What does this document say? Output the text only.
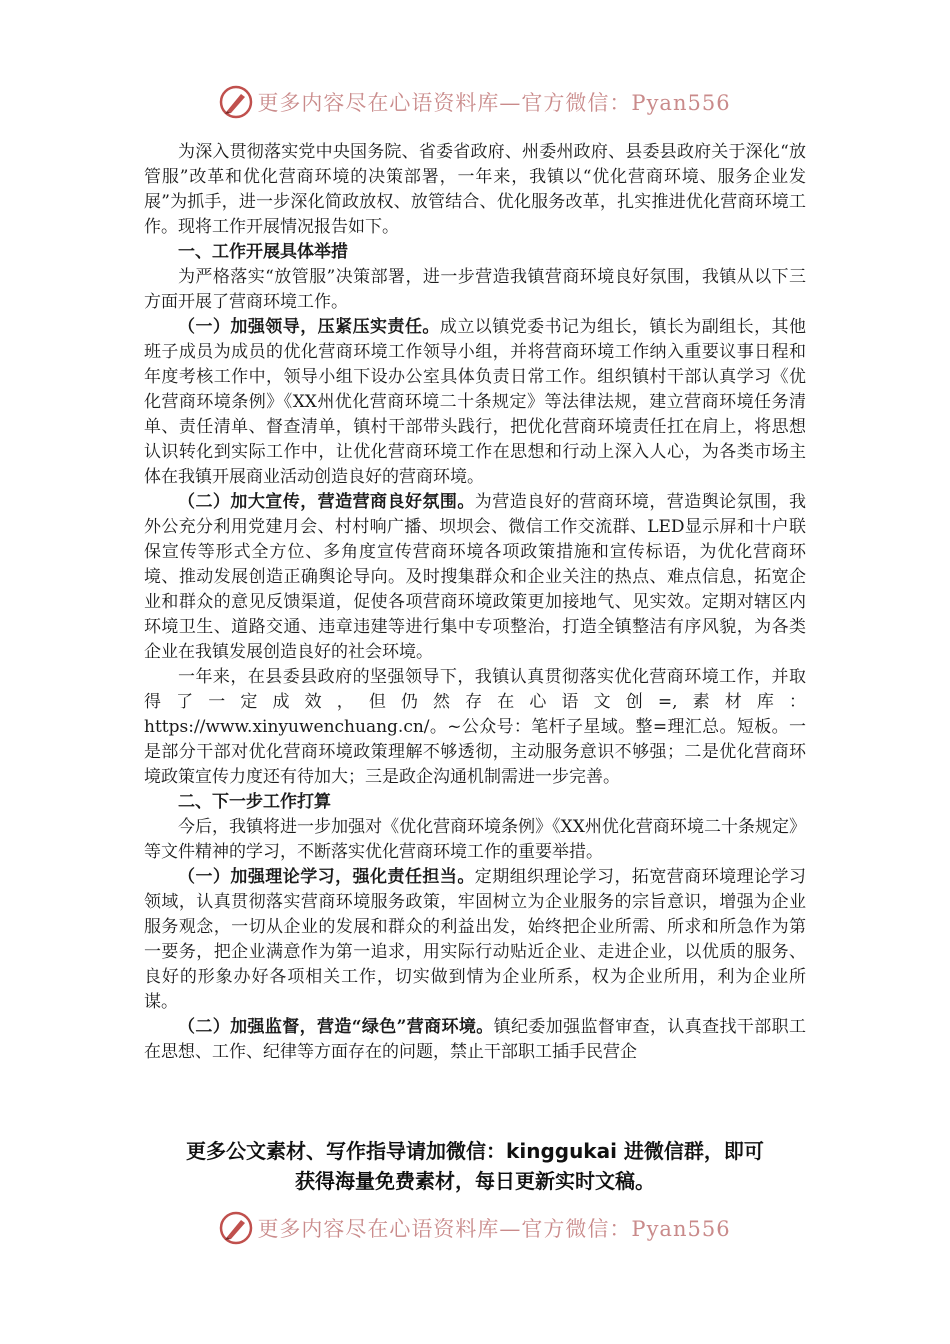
更多内容尽在心语资料库—官方微信：Pyan556

为深入贯彻落实党中央国务院、省委省政府、州委州政府、县委县政府关于深化“放管服”改革和优化营商环境的决策部署，一年来，我镇以“优化营商环境、服务企业发展”为抓手，进一步深化简政放权、放管结合、优化服务改革，扎实推进优化营商环境工作。现将工作开展情况报告如下。

一、工作开展具体举措

为严格落实“放管服”决策部署，进一步营造我镇营商环境良好氛围，我镇从以下三方面开展了营商环境工作。

（一）加强领导，压紧压实责任。成立以镇党委书记为组长，镇长为副组长，其他班子成员为成员的优化营商环境工作领导小组，并将营商环境工作纳入重要议事日程和年度考核工作中，领导小组下设办公室具体负责日常工作。组织镇村干部认真学习《优化营商环境条例》《XX州优化营商环境二十条规定》等法律法规，建立营商环境任务清单、责任清单、督查清单，镇村干部带头践行，把优化营商环境责任扛在肩上，将思想认识转化到实际工作中，让优化营商环境工作在思想和行动上深入人心，为各类市场主体在我镇开展商业活动创造良好的营商环境。

（二）加大宣传，营造营商良好氛围。为营造良好的营商环境，营造舆论氛围，我外公充分利用党建月会、村村响广播、坝坝会、微信工作交流群、LED显示屏和十户联保宣传等形式全方位、多角度宣传营商环境各项政策措施和宣传标语，为优化营商环境、推动发展创造正确舆论导向。及时搜集群众和企业关注的热点、难点信息，拓宽企业和群众的意见反馈渠道，促使各项营商环境政策更加接地气、见实效。定期对辖区内环境卫生、道路交通、违章违建等进行集中专项整治，打造全镇整洁有序风貌，为各类企业在我镇发展创造良好的社会环境。

一年来，在县委县政府的坚强领导下，我镇认真贯彻落实优化营商环境工作，并取得了一定成效，但仍然存在心语文创=,素材库：https://www.xinyuwenchuang.cn/。~公众号：笔杆子星域。整=理汇总。短板。一是部分干部对优化营商环境政策理解不够透彻，主动服务意识不够强；二是优化营商环境政策宣传力度还有待加大；三是政企沟通机制需进一步完善。

二、下一步工作打算

今后，我镇将进一步加强对《优化营商环境条例》《XX州优化营商环境二十条规定》等文件精神的学习，不断落实优化营商环境工作的重要举措。

（一）加强理论学习，强化责任担当。定期组织理论学习，拓宽营商环境理论学习领域，认真贯彻落实营商环境服务政策，牢固树立为企业服务的宗旨意识，增强为企业服务观念，一切从企业的发展和群众的利益出发，始终把企业所需、所求和所急作为第一要务，把企业满意作为第一追求，用实际行动贴近企业、走进企业，以优质的服务、良好的形象办好各项相关工作，切实做到情为企业所系，权为企业所用，利为企业所谋。

（二）加强监督，营造“绿色”营商环境。镇纪委加强监督审查，认真查找干部职工在思想、工作、纪律等方面存在的问题，禁止干部职工插手民营企

更多公文素材、写作指导请加微信：kinggukai 进微信群，即可
获得海量免费素材，每日更新实时文稿。
更多内容尽在心语资料库—官方微信：Pyan556
